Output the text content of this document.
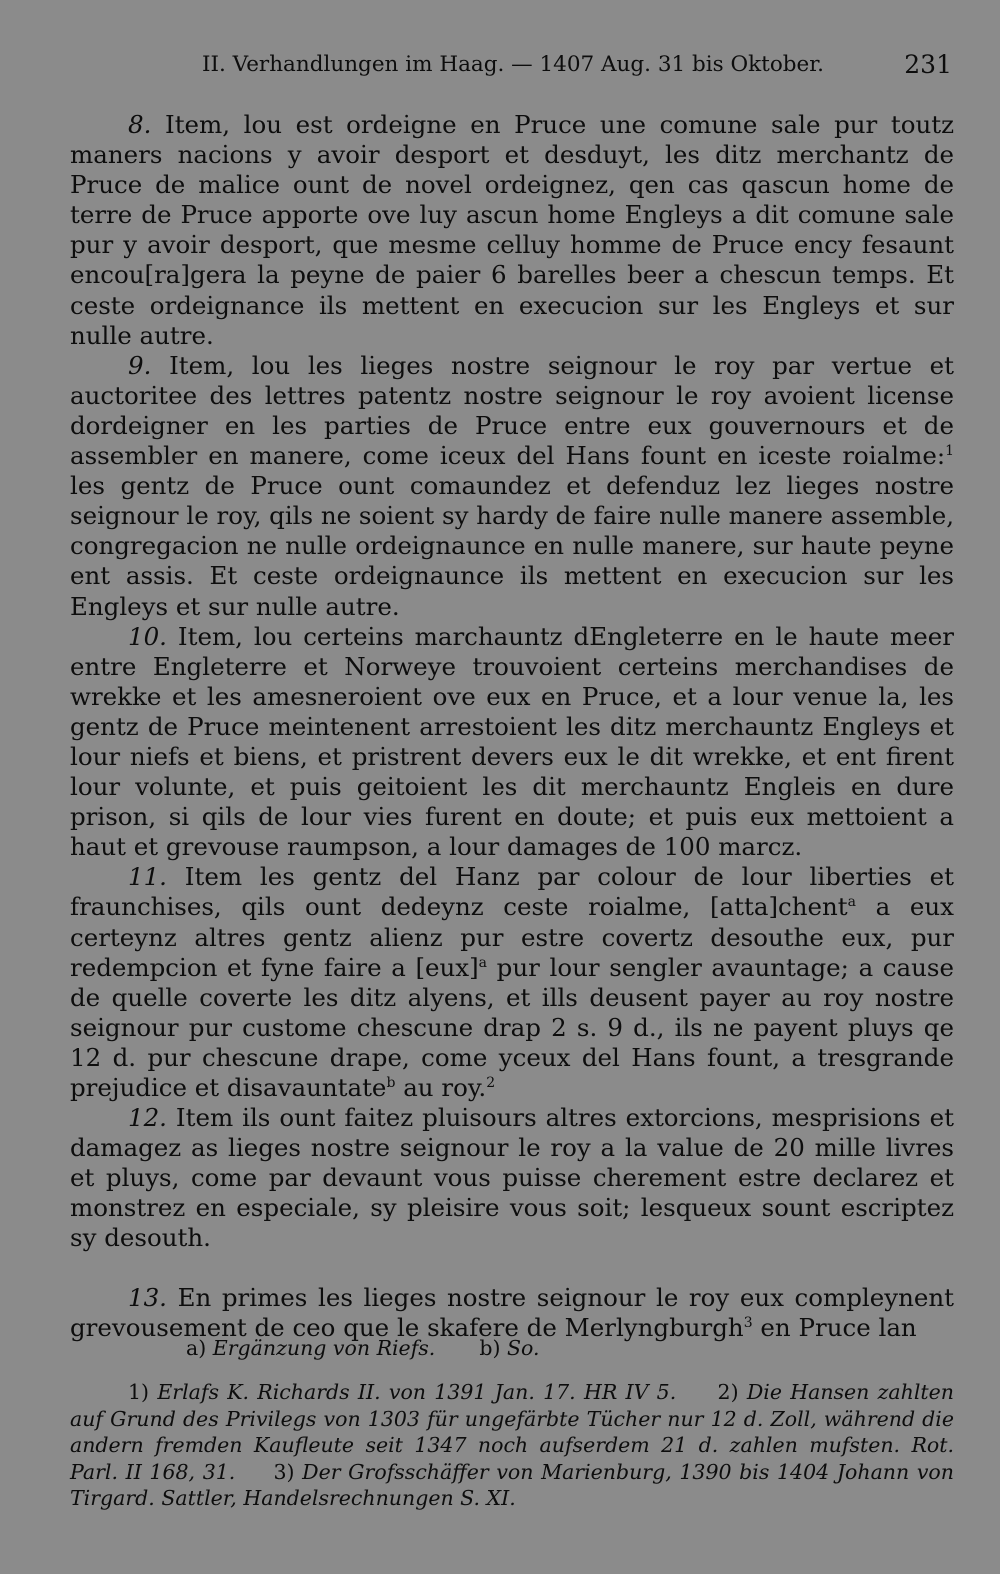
II. Verhandlungen im Haag. — 1407 Aug. 31 bis Oktober.	231

8. Item, lou est ordeigne en Pruce une comune sale pur toutz maners nacions y avoir desport et desduyt, les ditz merchantz de Pruce de malice ount de novel ordeignez, qen cas qascun home de terre de Pruce apporte ove luy ascun home Engleys a dit comune sale pur y avoir desport, que mesme celluy homme de Pruce ency fesaunt encou[ra]gera la peyne de paier 6 barelles beer a chescun temps. Et ceste ordeignance ils mettent en execucion sur les Engleys et sur nulle autre.

9. Item, lou les lieges nostre seignour le roy par vertue et auctoritee des lettres patentz nostre seignour le roy avoient license dordeigner en les parties de Pruce entre eux gouvernours et de assembler en manere, come iceux del Hans fount en iceste roialme:$^1$ les gentz de Pruce ount comaundez et defenduz lez lieges nostre seignour le roy, qils ne soient sy hardy de faire nulle manere assemble, congregacion ne nulle ordeignaunce en nulle manere, sur haute peyne ent assis. Et ceste ordeignaunce ils mettent en execucion sur les Engleys et sur nulle autre.

10. Item, lou certeins marchauntz dEngleterre en le haute meer entre Engleterre et Norweye trouvoient certeins merchandises de wrekke et les amesneroient ove eux en Pruce, et a lour venue la, les gentz de Pruce meintenent arrestoient les ditz merchauntz Engleys et lour niefs et biens, et pristrent devers eux le dit wrekke, et ent firent lour volunte, et puis geitoient les dit merchauntz Engleis en dure prison, si qils de lour vies furent en doute; et puis eux mettoient a haut et grevouse raumpson, a lour damages de 100 marcz.

11. Item les gentz del Hanz par colour de lour liberties et fraunchises, qils ount dedeynz ceste roialme, [atta]chent$^a$ a eux certeynz altres gentz alienz pur estre covertz desouthe eux, pur redempcion et fyne faire a [eux]$^a$ pur lour sengler avauntage; a cause de quelle coverte les ditz alyens, et ills deusent payer au roy nostre seignour pur custome chescune drap 2 s. 9 d., ils ne payent pluys qe 12 d. pur chescune drape, come yceux del Hans fount, a tresgrande prejudice et disavauntate$^b$ au roy.$^2$

12. Item ils ount faitez pluisours altres extorcions, mesprisions et damagez as lieges nostre seignour le roy a la value de 20 mille livres et pluys, come par devaunt vous puisse cherement estre declarez et monstrez en especiale, sy pleisire vous soit; lesqueux sount escriptez sy desouth.

13. En primes les lieges nostre seignour le roy eux compleynent grevousement de ceo que le skafere de Merlyngburgh$^3$ en Pruce lan

a) Ergänzung von Riefs. b) So.

1) Erlafs K. Richards II. von 1391 Jan. 17. HR IV 5. 2) Die Hansen zahlten auf Grund des Privilegs von 1303 für ungefärbte Tücher nur 12 d. Zoll, während die andern fremden Kaufleute seit 1347 noch aufserdem 21 d. zahlen mufsten. Rot. Parl. II 168, 31. 3) Der Grofsschäffer von Marienburg, 1390 bis 1404 Johann von Tirgard. Sattler, Handelsrechnungen S. XI.
